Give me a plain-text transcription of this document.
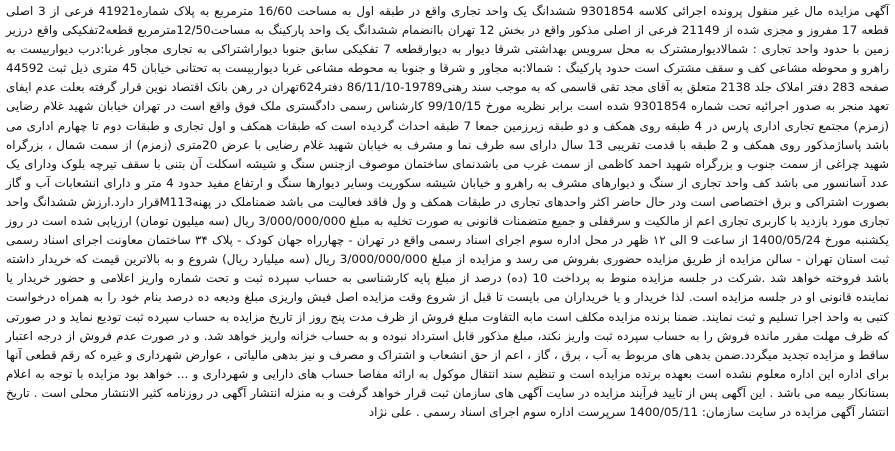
آگهی مزایده مال غیر منقول پرونده اجرائی کلاسه 9301854 ششدانگ یک واحد تجاری واقع در طبقه اول به مساحت 16/60 مترمربع به پلاک شماره41921 فرعی از 3 اصلی قطعه 17 مفروز و مجزی شده از 21149 فرعی از اصلی مذکور واقع در بخش 12 تهران باانضمام ششدانگ یک واحد پارکینگ به مساحت12/50مترمربع قطعه2تفکیکی واقع درزیر زمین با حدود واحد تجاری : شمالادیوارمشترک به محل سرویس بهداشتی شرقا دیوار به دیوارقطعه 7 تفکیکی سابق جنوبا دیواراشتراکی به تجاری مجاور غربا:درب دیواربیست به راهرو و محوطه مشاعی کف و سقف مشترک است حدود پارکینگ : شمالا:به مجاور و شرقا و جنوبا به محوطه مشاعی غربا دیواربیست به تحتانی خیابان 45 متری ذیل ثبت 44592 صفحه 283 دفتر املاک جلد 2138 متعلق به آقای مجد تقی قاسمی که به موجب سند رهنی19789-86/11/10 دفتر624تهران در رهن بانک اقتصاد نوین قرار گرفته بعلت عدم ایفای تعهد منجر به صدور اجرائیه تحت شماره 9301854 شده است برابر نظریه مورخ 99/10/15 کارشناس رسمی دادگستری ملک فوق واقع است در تهران خیابان شهید غلام رضایی (زمزم) مجتمع تجاری اداری پارس در 4 طبقه روی همکف و دو طبقه زیرزمین جمعا 7 طبقه احداث گردیده است که طبقات همکف و اول تجاری و طبقات دوم تا چهارم اداری می باشد پاساژمذکور روی همکف و 2 طبقه با قدمت تقریبی 13 سال دارای سه طرف نما و مشرف به خیابان شهید غلام رضایی با عرض 20متری (زمزم) از سمت شمال ، بزرگراه شهید چراغی از سمت جنوب و بزرگراه شهید احمد کاظمی از سمت غرب می باشدنمای ساختمان موصوف ازجنس سنگ و شیشه اسکلت آن بتنی با سقف تیرچه بلوک ودارای یک عدد آسانسور می باشد کف واحد تجاری از سنگ و دیوارهای مشرف به راهرو و خیابان شیشه سکوریت وسایر دیوارها سنگ و ارتفاع مفید حدود 4 متر و دارای انشعابات آب و گاز بصورت اشتراکی و برق اختصاصی است ودر حال حاضر اکثر واحدهای تجاری در طبقات همکف و ول فاقد فعالیت می باشد ضمناملک در پهنهM113قرار دارد.ارزش ششدانگ واحد تجاری مورد بازدید با کاربری تجاری اعم از مالکیت و سرقفلی و جمیع متضمنات قانونی به صورت تخلیه به مبلغ 3/000/000/000 ریال (سه میلیون تومان) ارزیابی شده است در روز یکشنبه مورخ 1400/05/24 از ساعت 9 الی ۱۲ ظهر در محل اداره سوم اجرای اسناد رسمی واقع در تهران - چهارراه جهان کودک - پلاک ۳۴ ساختمان معاونت اجرای اسناد رسمی ثبت استان تهران - سالن مزایده از طریق مزایده حضوری بفروش می رسد و مزایده از مبلغ 3/000/000/000 ریال (سه میلیارد ریال) شروع و به بالاترین قیمت که خریدار داشته باشد فروخته خواهد شد .شرکت در جلسه مزایده منوط به پرداخت 10 (ده) درصد از مبلغ پایه کارشناسی به حساب سپرده ثبت و تحت شماره واریز اعلامی و حضور خریدار یا نماینده قانونی او در جلسه مزایده است. لذا خریدار و یا خریداران می بایست تا قبل از شروع وقت مزایده اصل فیش واریزی مبلغ ودیعه ده درصد بنام خود را به همراه درخواست کتبی به واحد اجرا تسلیم و ثبت نمایند. ضمنا برنده مزایده مکلف است مابه التفاوت مبلغ فروش از ظرف مدت پنج روز از تاریخ مزایده به حساب سپرده ثبت تودیع نماید و در صورتی که ظرف مهلت مقرر مانده فروش را به حساب سپرده ثبت واریز نکند، مبلغ مذکور قابل استرداد نبوده و به حساب خزانه واریز خواهد شد. و در صورت عدم فروش از درجه اعتبار ساقط و مزایده تجدید میگردد.ضمن بدهی های مربوط به آب ، برق ، گاز ، اعم از حق انشعاب و اشتراک و مصرف و نیز بدهی مالیاتی ، عوارض شهرداری و غیره که رقم قطعی آنها برای اداره این اداره معلوم نشده است بعهده برنده مزایده است و تنظیم سند انتقال موکول به ارائه مفاصا حساب های دارایی و شهرداری و ... خواهد بود مزایده با توجه به اعلام بستانکار بیمه می باشد . این آگهی پس از تایید فرآیند مزایده در سایت آگهی های سازمان ثبت قرار خواهد گرفت و به منزله انتشار آگهی در روزنامه کثیر الانتشار محلی است . تاریخ انتشار آگهی مزایده در سایت سازمان: 1400/05/11 سرپرست اداره سوم اجرای اسناد رسمی . علی نژاد
